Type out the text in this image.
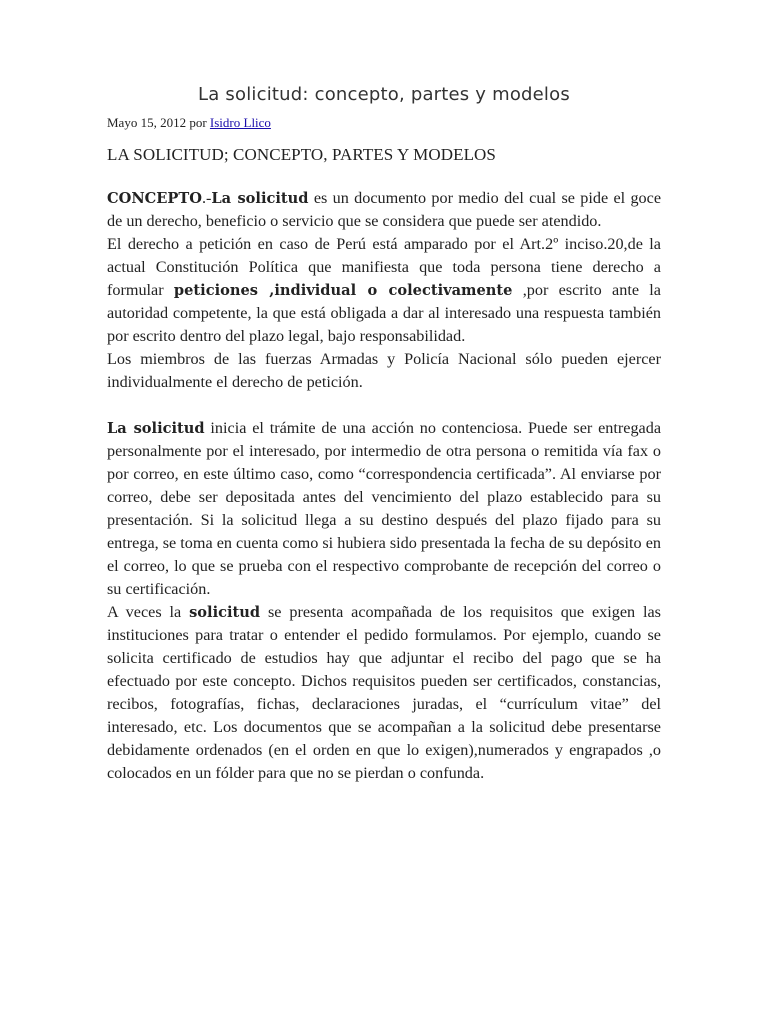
La solicitud: concepto, partes y modelos

Mayo 15, 2012 por Isidro Llico

LA SOLICITUD; CONCEPTO, PARTES Y MODELOS

CONCEPTO.-La solicitud es un documento por medio del cual se pide el goce de un derecho, beneficio o servicio que se considera que puede ser atendido.

El derecho a petición en caso de Perú está amparado por el Art.2º inciso.20,de la actual Constitución Política que manifiesta que toda persona tiene derecho a formular peticiones ,individual o colectivamente ,por escrito ante la autoridad competente, la que está obligada a dar al interesado una respuesta también por escrito dentro del plazo legal, bajo responsabilidad.

Los miembros de las fuerzas Armadas y Policía Nacional sólo pueden ejercer individualmente el derecho de petición.

La solicitud inicia el trámite de una acción no contenciosa. Puede ser entregada personalmente por el interesado, por intermedio de otra persona o remitida vía fax o por correo, en este último caso, como “correspondencia certificada”. Al enviarse por correo, debe ser depositada antes del vencimiento del plazo establecido para su presentación. Si la solicitud llega a su destino después del plazo fijado para su entrega, se toma en cuenta como si hubiera sido presentada la fecha de su depósito en el correo, lo que se prueba con el respectivo comprobante de recepción del correo o su certificación.

A veces la solicitud se presenta acompañada de los requisitos que exigen las instituciones para tratar o entender el pedido formulamos. Por ejemplo, cuando se solicita certificado de estudios hay que adjuntar el recibo del pago que se ha efectuado por este concepto. Dichos requisitos pueden ser certificados, constancias, recibos, fotografías, fichas, declaraciones juradas, el “currículum vitae” del interesado, etc. Los documentos que se acompañan a la solicitud debe presentarse debidamente ordenados (en el orden en que lo exigen),numerados y engrapados ,o colocados en un fólder para que no se pierdan o confunda.
